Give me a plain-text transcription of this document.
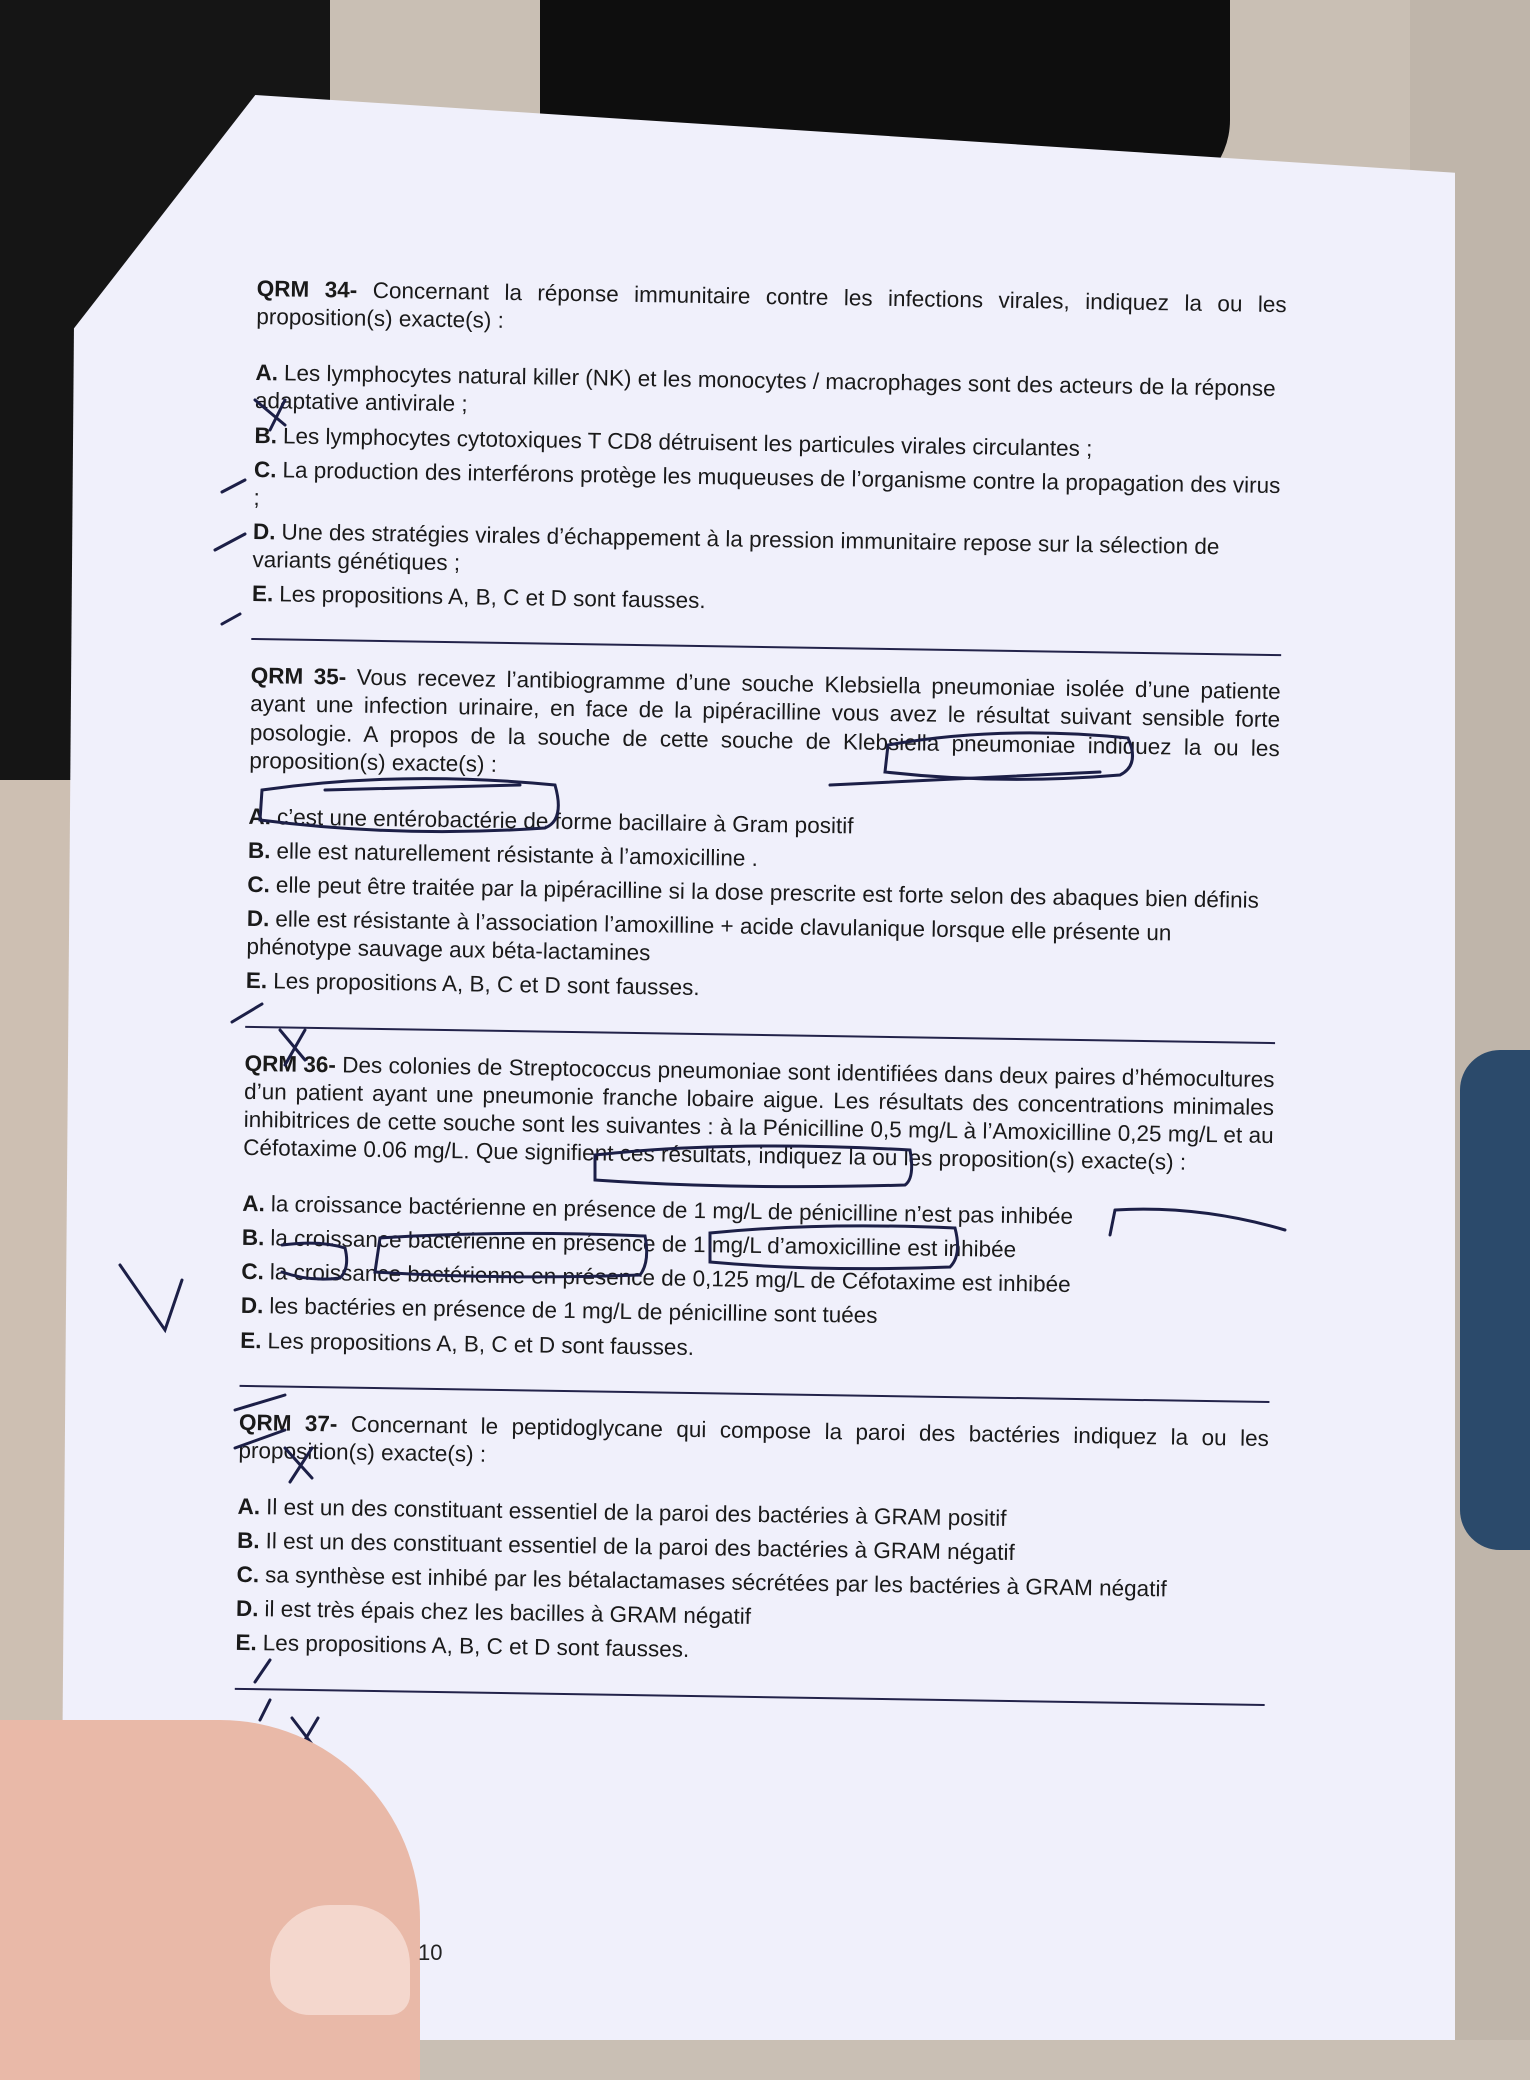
QRM 34- Concernant la réponse immunitaire contre les infections virales, indiquez la ou les proposition(s) exacte(s) :

A. Les lymphocytes natural killer (NK) et les monocytes / macrophages sont des acteurs de la réponse adaptative antivirale ;
B. Les lymphocytes cytotoxiques T CD8 détruisent les particules virales circulantes ;
C. La production des interférons protège les muqueuses de l’organisme contre la propagation des virus ;
D. Une des stratégies virales d’échappement à la pression immunitaire repose sur la sélection de variants génétiques ;
E. Les propositions A, B, C et D sont fausses.

QRM 35- Vous recevez l’antibiogramme d’une souche Klebsiella pneumoniae isolée d’une patiente ayant une infection urinaire, en face de la pipéracilline vous avez le résultat suivant sensible forte posologie. A propos de la souche de cette souche de Klebsiella pneumoniae indiquez la ou les proposition(s) exacte(s) :

A. c’est une entérobactérie de forme bacillaire à Gram positif
B. elle est naturellement résistante à l’amoxicilline .
C. elle peut être traitée par la pipéracilline si la dose prescrite est forte selon des abaques bien définis
D. elle est résistante à l’association l’amoxilline + acide clavulanique lorsque elle présente un phénotype sauvage aux béta-lactamines
E. Les propositions A, B, C et D sont fausses.

QRM 36- Des colonies de Streptococcus pneumoniae sont identifiées dans deux paires d’hémocultures d’un patient ayant une pneumonie franche lobaire aigue. Les résultats des concentrations minimales inhibitrices de cette souche sont les suivantes : à la Pénicilline 0,5 mg/L à l’Amoxicilline 0,25 mg/L et au Céfotaxime 0.06 mg/L. Que signifient ces résultats, indiquez la ou les proposition(s) exacte(s) :

A. la croissance bactérienne en présence de 1 mg/L de pénicilline n’est pas inhibée
B. la croissance bactérienne en présence de 1 mg/L d’amoxicilline est inhibée
C. la croissance bactérienne en présence de 0,125 mg/L de Céfotaxime est inhibée
D. les bactéries en présence de 1 mg/L de pénicilline sont tuées
E. Les propositions A, B, C et D sont fausses.

QRM 37- Concernant le peptidoglycane qui compose la paroi des bactéries indiquez la ou les proposition(s) exacte(s) :

A. Il est un des constituant essentiel de la paroi des bactéries à GRAM positif
B. Il est un des constituant essentiel de la paroi des bactéries à GRAM négatif
C. sa synthèse est inhibé par les bétalactamases sécrétées par les bactéries à GRAM négatif
D. il est très épais chez les bacilles à GRAM négatif
E. Les propositions A, B, C et D sont fausses.
10
